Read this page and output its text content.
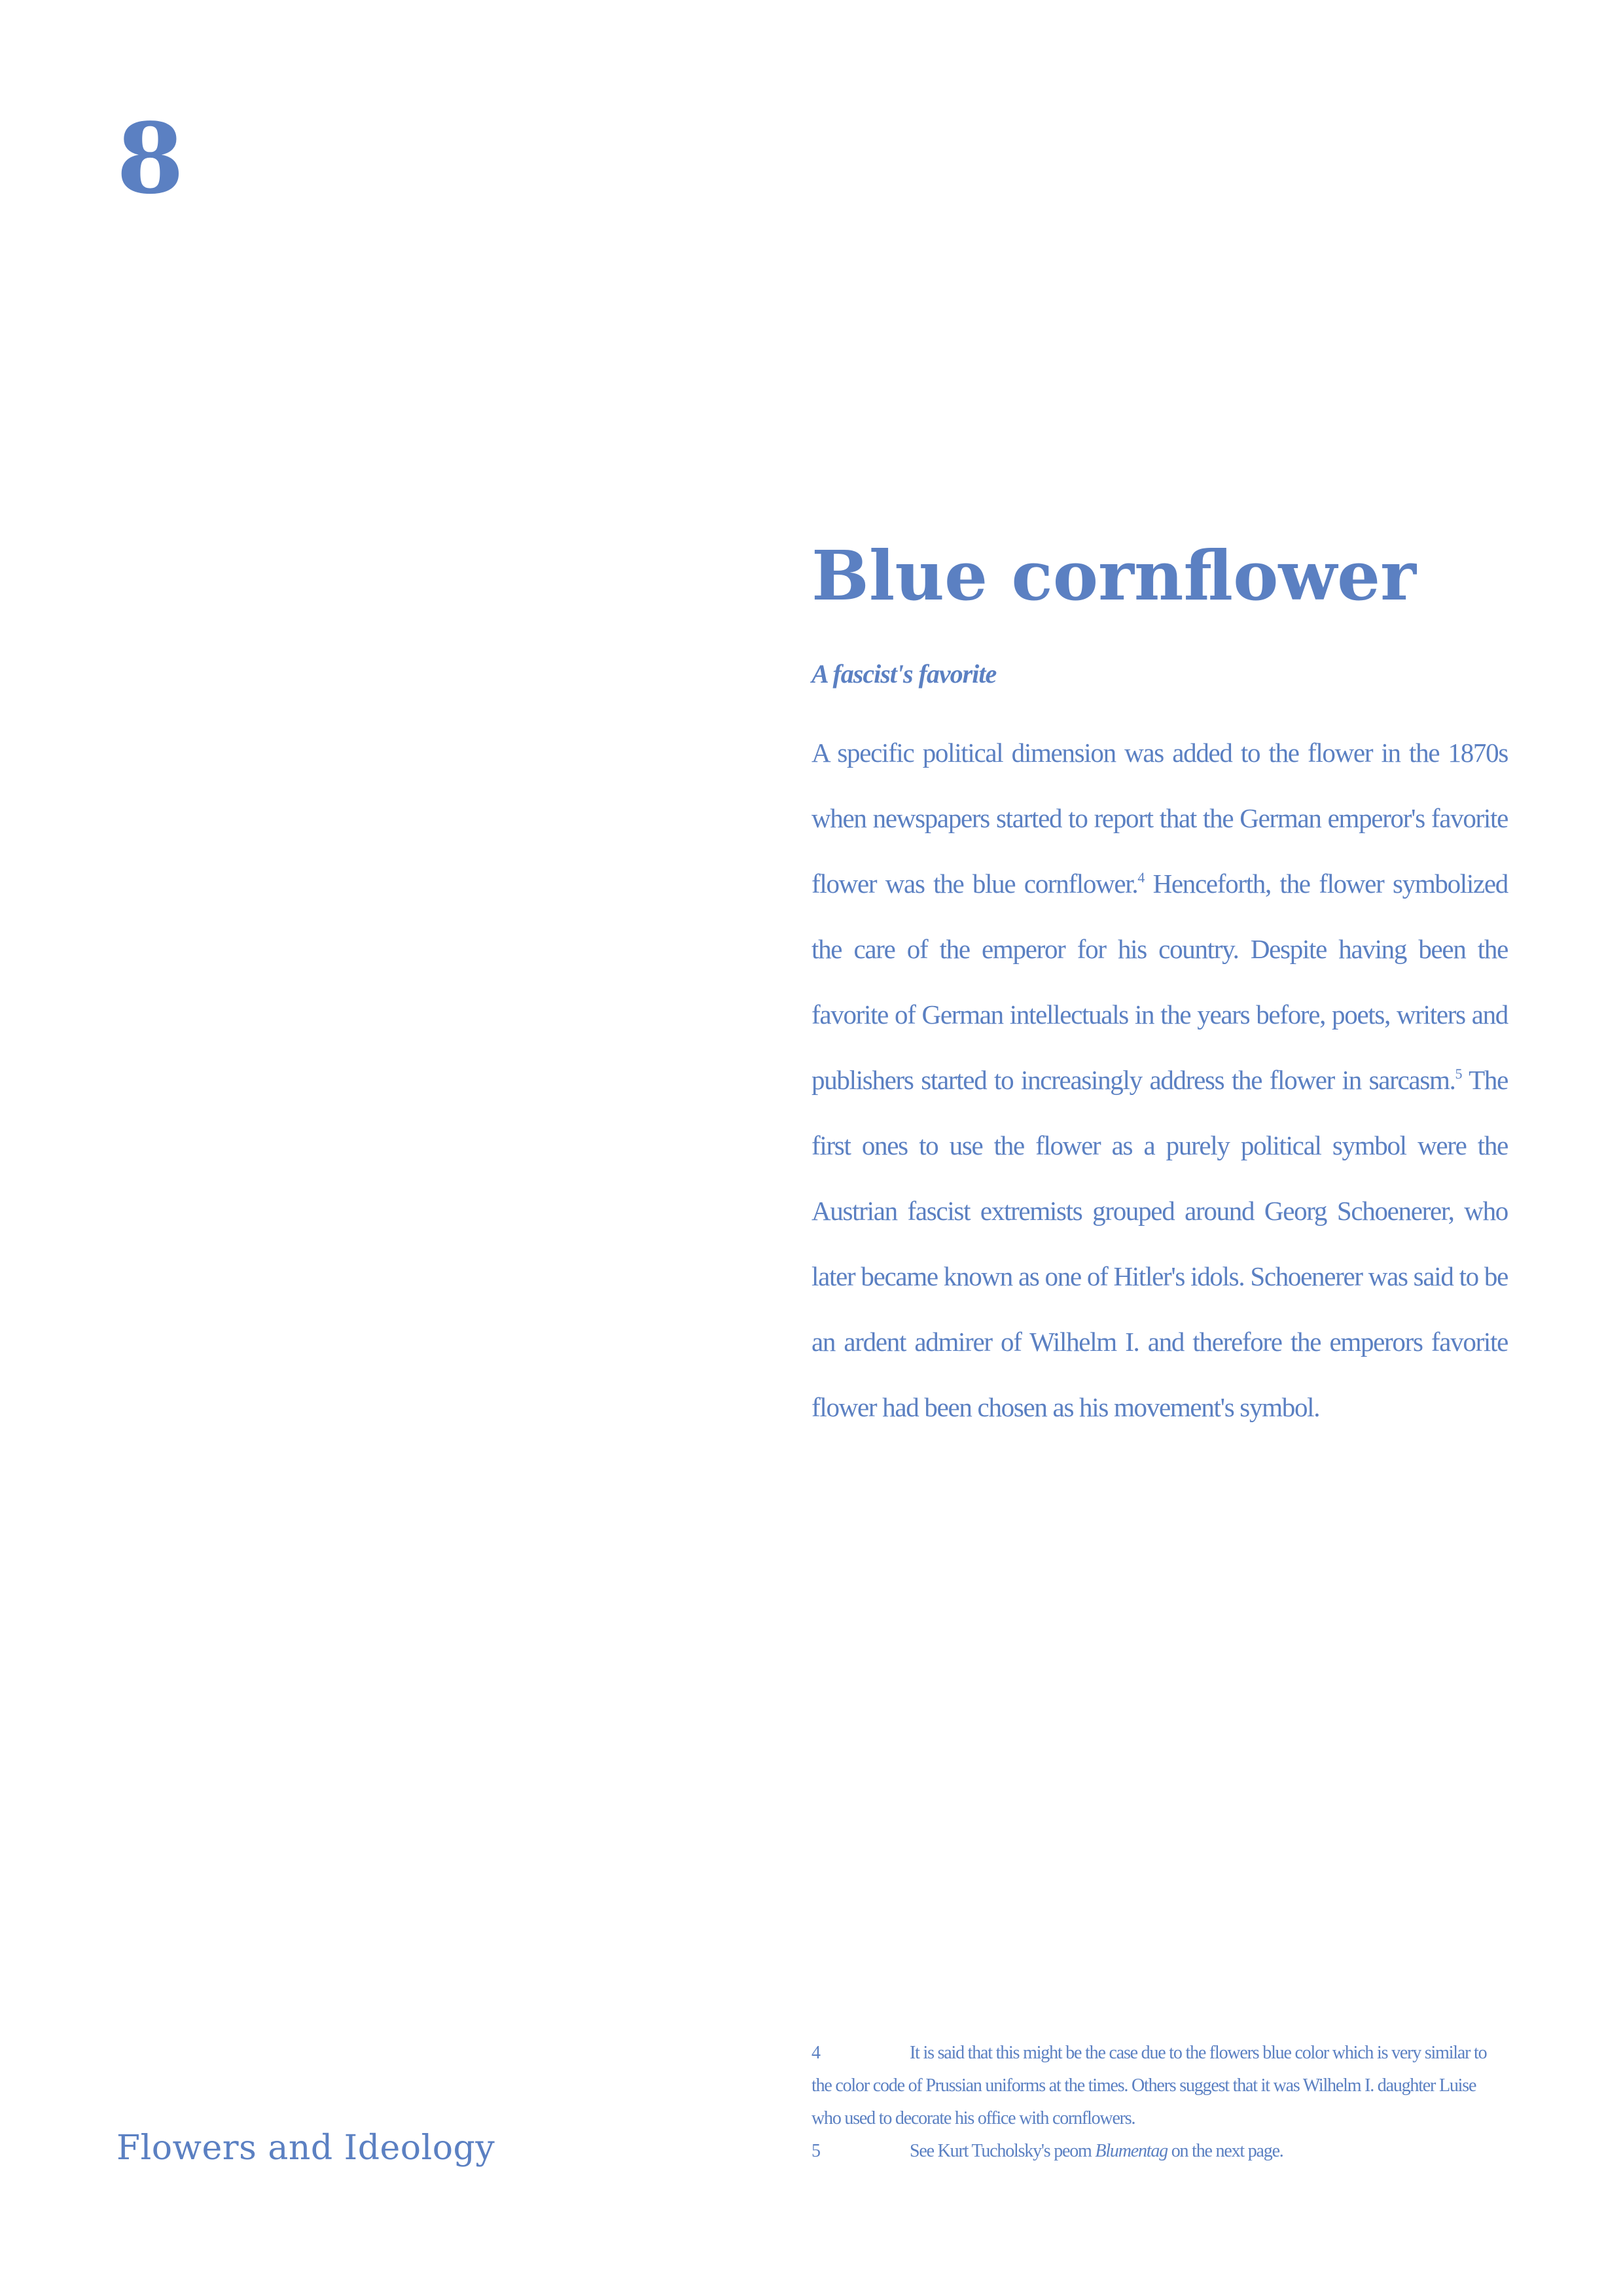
8
Blue cornflower

A fascist's favorite

A specific political dimension was added to the flower in the 1870s when newspapers started to report that the German emperor's favorite flower was the blue cornflower.$^4$ Henceforth, the flower symbolized the care of the emperor for his country. Despite having been the favorite of German intellectuals in the years before, poets, writers and publishers started to increasingly address the flower in sarcasm.$^5$ The first ones to use the flower as a purely political symbol were the Austrian fascist extremists grouped around Georg Schoenerer, who later became known as one of Hitler's idols. Schoenerer was said to be an ardent admirer of Wilhelm I. and therefore the emperors favorite flower had been chosen as his movement's symbol.

4	It is said that this might be the case due to the flowers blue color which is very similar to the color code of Prussian uniforms at the times. Others suggest that it was Wilhelm I. daughter Luise who used to decorate his office with cornflowers.

5	See Kurt Tucholsky's peom Blumentag on the next page.

Flowers and Ideology
